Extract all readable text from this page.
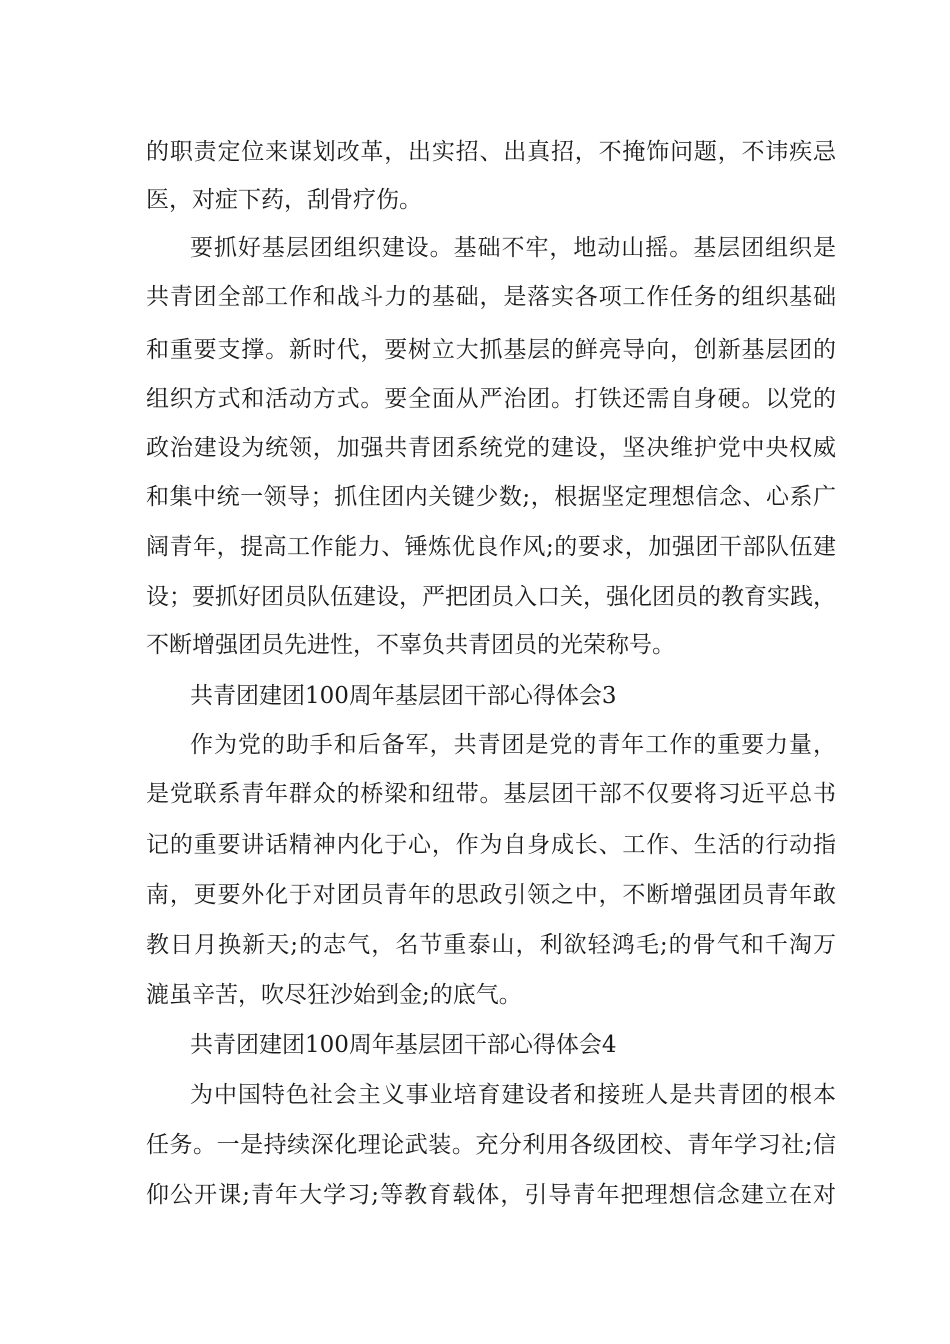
的职责定位来谋划改革，出实招、出真招，不掩饰问题，不讳疾忌
医，对症下药，刮骨疗伤。
要抓好基层团组织建设。基础不牢，地动山摇。基层团组织是
共青团全部工作和战斗力的基础，是落实各项工作任务的组织基础
和重要支撑。新时代，要树立大抓基层的鲜亮导向，创新基层团的
组织方式和活动方式。要全面从严治团。打铁还需自身硬。以党的
政治建设为统领，加强共青团系统党的建设，坚决维护党中央权威
和集中统一领导；抓住团内关键少数;，根据坚定理想信念、心系广
阔青年，提高工作能力、锤炼优良作风;的要求，加强团干部队伍建
设；要抓好团员队伍建设，严把团员入口关，强化团员的教育实践，
不断增强团员先进性，不辜负共青团员的光荣称号。
共青团建团100周年基层团干部心得体会3
作为党的助手和后备军，共青团是党的青年工作的重要力量，
是党联系青年群众的桥梁和纽带。基层团干部不仅要将习近平总书
记的重要讲话精神内化于心，作为自身成长、工作、生活的行动指
南，更要外化于对团员青年的思政引领之中，不断增强团员青年敢
教日月换新天;的志气，名节重泰山，利欲轻鸿毛;的骨气和千淘万
漉虽辛苦，吹尽狂沙始到金;的底气。
共青团建团100周年基层团干部心得体会4
为中国特色社会主义事业培育建设者和接班人是共青团的根本
任务。一是持续深化理论武装。充分利用各级团校、青年学习社;信
仰公开课;青年大学习;等教育载体，引导青年把理想信念建立在对
